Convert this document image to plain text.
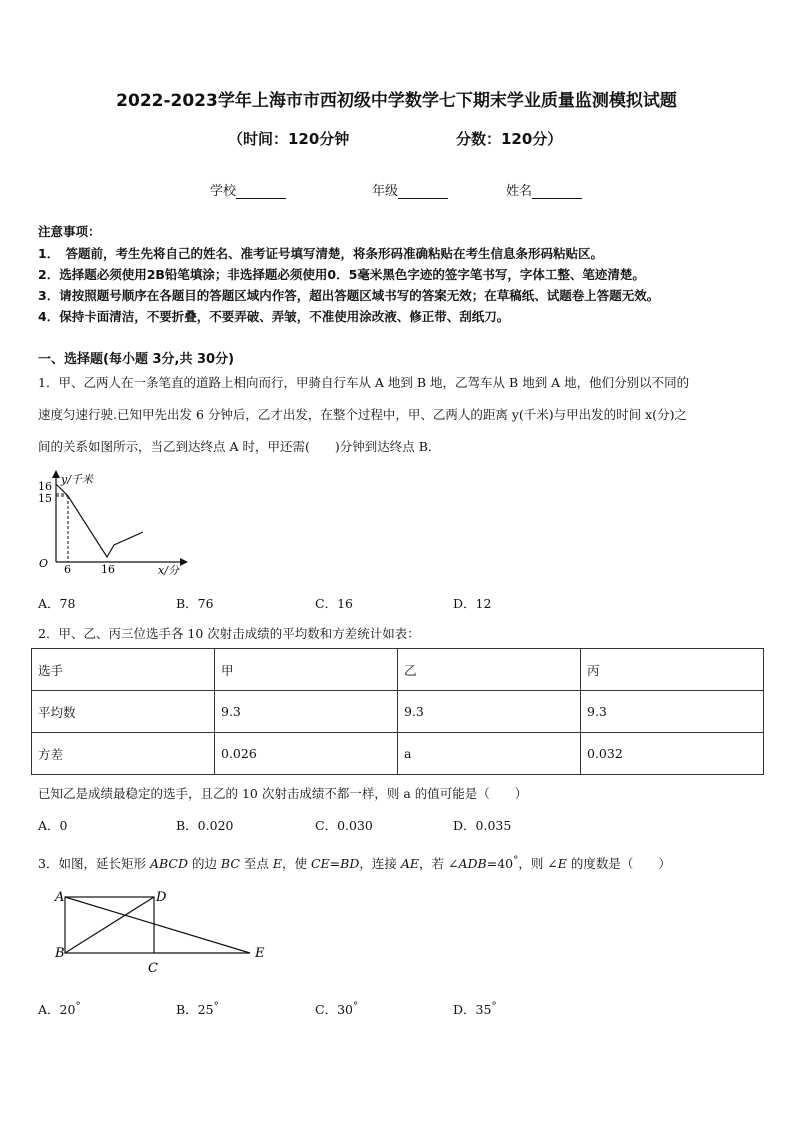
2022-2023学年上海市市西初级中学数学七下期末学业质量监测模拟试题
（时间：120分钟	分数：120分）
学校	年级	姓名
注意事项：
1．　答题前，考生先将自己的姓名、准考证号填写清楚，将条形码准确粘贴在考生信息条形码粘贴区。
2．选择题必须使用2B铅笔填涂；非选择题必须使用0．5毫米黑色字迹的签字笔书写，字体工整、笔迹清楚。
3．请按照题号顺序在各题目的答题区域内作答，超出答题区域书写的答案无效；在草稿纸、试题卷上答题无效。
4．保持卡面清洁，不要折叠，不要弄破、弄皱，不准使用涂改液、修正带、刮纸刀。
一、选择题(每小题 3分,共 30分)
1．甲、乙两人在一条笔直的道路上相向而行，甲骑自行车从 A 地到 B 地，乙驾车从 B 地到 A 地，他们分别以不同的
速度匀速行驶.已知甲先出发 6 分钟后，乙才出发，在整个过程中，甲、乙两人的距离 y(千米)与甲出发的时间 x(分)之
间的关系如图所示，当乙到达终点 A 时，甲还需(　　)分钟到达终点 B．
y/千米
16
15
O 6	16	x/分
A．78	B．76	C．16	D．12
2．甲、乙、丙三位选手各 10 次射击成绩的平均数和方差统计如表：
选手	甲	乙	丙
平均数	9.3	9.3	9.3
方差	0.026	a	0.032
已知乙是成绩最稳定的选手，且乙的 10 次射击成绩不都一样，则 a 的值可能是（　　）
A．0	B．0.020	C．0.030	D．0.035
3．如图，延长矩形 ABCD 的边 BC 至点 E，使 CE=BD，连接 AE，若 ∠ADB=40°，则 ∠E 的度数是（　　）
A	D
B
C
E
A．20°	B．25°	C．30°	D．35°
